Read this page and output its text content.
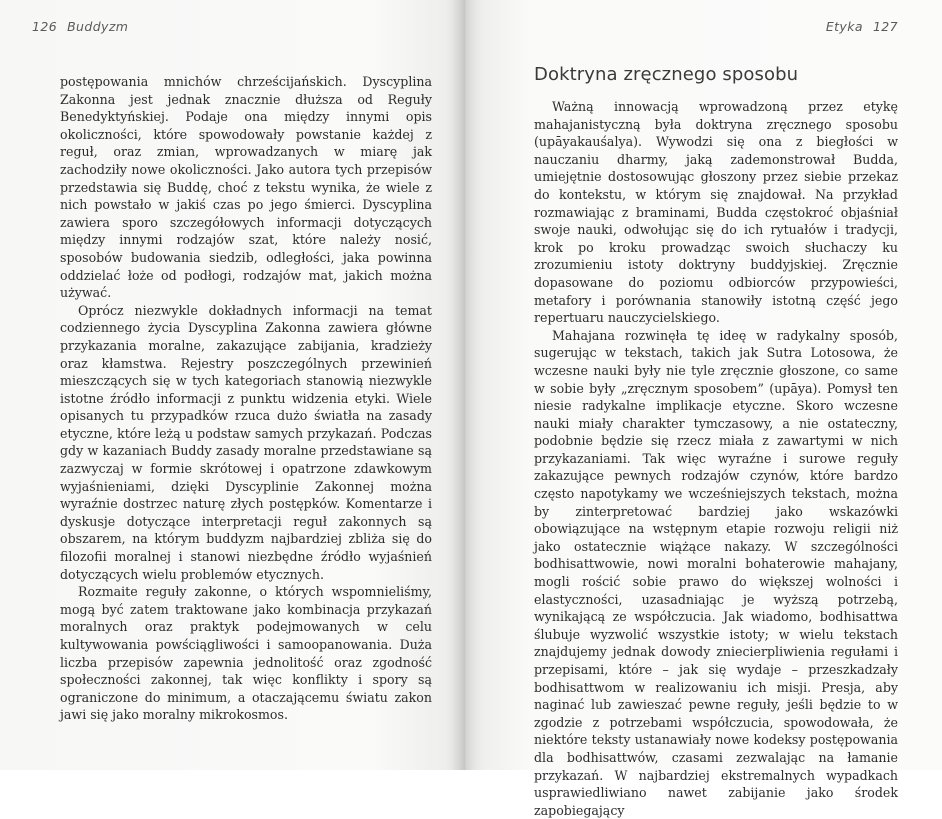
126 Buddyzm

postępowania mnichów chrześcijańskich. Dyscyplina Zakonna jest jednak znacznie dłuższa od Reguły Benedyktyńskiej. Podaje ona między innymi opis okoliczności, które spowodowały powstanie każdej z reguł, oraz zmian, wprowadzanych w miarę jak zachodziły nowe okoliczności. Jako autora tych przepisów przedstawia się Buddę, choć z tekstu wynika, że wiele z nich powstało w jakiś czas po jego śmierci. Dyscyplina zawiera sporo szczegółowych informacji dotyczących między innymi rodzajów szat, które należy nosić, sposobów budowania siedzib, odległości, jaka powinna oddzielać łoże od podłogi, rodzajów mat, jakich można używać.

Oprócz niezwykle dokładnych informacji na temat codziennego życia Dyscyplina Zakonna zawiera główne przykazania moralne, zakazujące zabijania, kradzieży oraz kłamstwa. Rejestry poszczególnych przewinień mieszczących się w tych kategoriach stanowią niezwykle istotne źródło informacji z punktu widzenia etyki. Wiele opisanych tu przypadków rzuca dużo światła na zasady etyczne, które leżą u podstaw samych przykazań. Podczas gdy w kazaniach Buddy zasady moralne przedstawiane są zazwyczaj w formie skrótowej i opatrzone zdawkowym wyjaśnieniami, dzięki Dyscyplinie Zakonnej można wyraźnie dostrzec naturę złych postępków. Komentarze i dyskusje dotyczące interpretacji reguł zakonnych są obszarem, na którym buddyzm najbardziej zbliża się do filozofii moralnej i stanowi niezbędne źródło wyjaśnień dotyczących wielu problemów etycznych.

Rozmaite reguły zakonne, o których wspomnieliśmy, mogą być zatem traktowane jako kombinacja przykazań moralnych oraz praktyk podejmowanych w celu kultywowania powściągliwości i samoopanowania. Duża liczba przepisów zapewnia jednolitość oraz zgodność społeczności zakonnej, tak więc konflikty i spory są ograniczone do minimum, a otaczającemu światu zakon jawi się jako moralny mikrokosmos.

Etyka 127
Doktryna zręcznego sposobu

Ważną innowacją wprowadzoną przez etykę mahajanistyczną była doktryna zręcznego sposobu (upāyakauśalya). Wywodzi się ona z biegłości w nauczaniu dharmy, jaką zademonstrował Budda, umiejętnie dostosowując głoszony przez siebie przekaz do kontekstu, w którym się znajdował. Na przykład rozmawiając z braminami, Budda częstokroć objaśniał swoje nauki, odwołując się do ich rytuałów i tradycji, krok po kroku prowadząc swoich słuchaczy ku zrozumieniu istoty doktryny buddyjskiej. Zręcznie dopasowane do poziomu odbiorców przypowieści, metafory i porównania stanowiły istotną część jego repertuaru nauczycielskiego.

Mahajana rozwinęła tę ideę w radykalny sposób, sugerując w tekstach, takich jak Sutra Lotosowa, że wczesne nauki były nie tyle zręcznie głoszone, co same w sobie były „zręcznym sposobem” (upāya). Pomysł ten niesie radykalne implikacje etyczne. Skoro wczesne nauki miały charakter tymczasowy, a nie ostateczny, podobnie będzie się rzecz miała z zawartymi w nich przykazaniami. Tak więc wyraźne i surowe reguły zakazujące pewnych rodzajów czynów, które bardzo często napotykamy we wcześniejszych tekstach, można by zinterpretować bardziej jako wskazówki obowiązujące na wstępnym etapie rozwoju religii niż jako ostatecznie wiążące nakazy. W szczególności bodhisattwowie, nowi moralni bohaterowie mahajany, mogli rościć sobie prawo do większej wolności i elastyczności, uzasadniając je wyższą potrzebą, wynikającą ze współczucia. Jak wiadomo, bodhisattwa ślubuje wyzwolić wszystkie istoty; w wielu tekstach znajdujemy jednak dowody zniecierpliwienia regułami i przepisami, które – jak się wydaje – przeszkadzały bodhisattwom w realizowaniu ich misji. Presja, aby naginać lub zawieszać pewne reguły, jeśli będzie to w zgodzie z potrzebami współczucia, spowodowała, że niektóre teksty ustanawiały nowe kodeksy postępowania dla bodhisattwów, czasami zezwalając na łamanie przykazań. W najbardziej ekstremalnych wypadkach usprawiedliwiano nawet zabijanie jako środek zapobiegający
